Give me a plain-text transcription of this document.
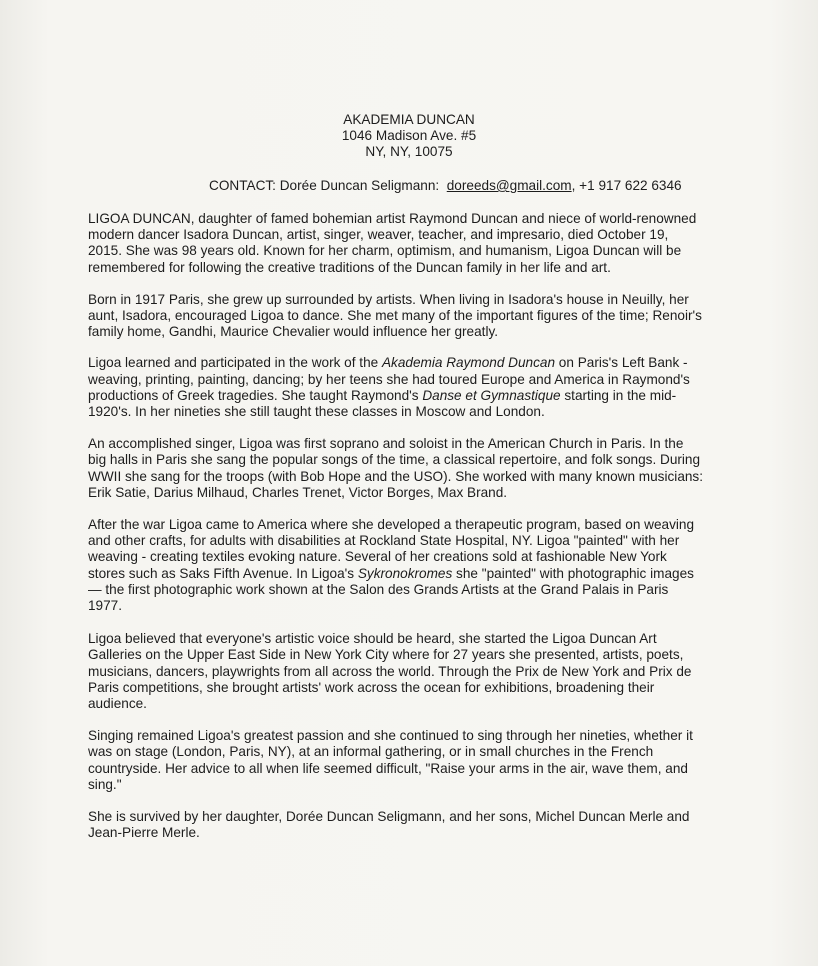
AKADEMIA DUNCAN
1046 Madison Ave. #5
NY, NY, 10075
CONTACT: Dorée Duncan Seligmann: doreeds@gmail.com, +1 917 622 6346

LIGOA DUNCAN, daughter of famed bohemian artist Raymond Duncan and niece of world-renowned modern dancer Isadora Duncan, artist, singer, weaver, teacher, and impresario, died October 19, 2015. She was 98 years old. Known for her charm, optimism, and humanism, Ligoa Duncan will be remembered for following the creative traditions of the Duncan family in her life and art.

Born in 1917 Paris, she grew up surrounded by artists. When living in Isadora's house in Neuilly, her aunt, Isadora, encouraged Ligoa to dance. She met many of the important figures of the time; Renoir's family home, Gandhi, Maurice Chevalier would influence her greatly.

Ligoa learned and participated in the work of the Akademia Raymond Duncan on Paris's Left Bank - weaving, printing, painting, dancing; by her teens she had toured Europe and America in Raymond's productions of Greek tragedies. She taught Raymond's Danse et Gymnastique starting in the mid-1920's. In her nineties she still taught these classes in Moscow and London.

An accomplished singer, Ligoa was first soprano and soloist in the American Church in Paris. In the big halls in Paris she sang the popular songs of the time, a classical repertoire, and folk songs. During WWII she sang for the troops (with Bob Hope and the USO). She worked with many known musicians: Erik Satie, Darius Milhaud, Charles Trenet, Victor Borges, Max Brand.

After the war Ligoa came to America where she developed a therapeutic program, based on weaving and other crafts, for adults with disabilities at Rockland State Hospital, NY. Ligoa "painted" with her weaving - creating textiles evoking nature. Several of her creations sold at fashionable New York stores such as Saks Fifth Avenue. In Ligoa's Sykronokromes she "painted" with photographic images — the first photographic work shown at the Salon des Grands Artists at the Grand Palais in Paris 1977.

Ligoa believed that everyone's artistic voice should be heard, she started the Ligoa Duncan Art Galleries on the Upper East Side in New York City where for 27 years she presented, artists, poets, musicians, dancers, playwrights from all across the world. Through the Prix de New York and Prix de Paris competitions, she brought artists' work across the ocean for exhibitions, broadening their audience.

Singing remained Ligoa's greatest passion and she continued to sing through her nineties, whether it was on stage (London, Paris, NY), at an informal gathering, or in small churches in the French countryside. Her advice to all when life seemed difficult, "Raise your arms in the air, wave them, and sing."

She is survived by her daughter, Dorée Duncan Seligmann, and her sons, Michel Duncan Merle and Jean-Pierre Merle.
